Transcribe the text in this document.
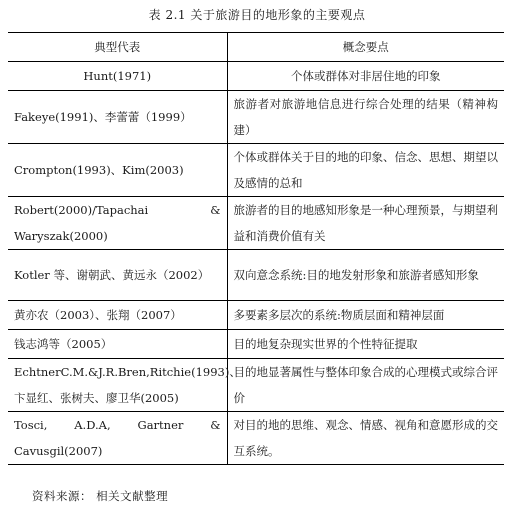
表 2.1 关于旅游目的地形象的主要观点
典型代表	概念要点
Hunt(1971)	个体或群体对非居住地的印象
Fakeye(1991)、李蕾蕾（1999）	旅游者对旅游地信息进行综合处理的结果（精神构建）
Crompton(1993)、Kim(2003)	个体或群体关于目的地的印象、信念、思想、期望以及感情的总和
Robert(2000)/Tapachai & Waryszak(2000)	旅游者的目的地感知形象是一种心理预景，与期望利益和消费价值有关
Kotler 等、谢朝武、黄远永（2002）	双向意念系统:目的地发射形象和旅游者感知形象
黄亦农（2003）、张翔（2007）	多要素多层次的系统:物质层面和精神层面
钱志鸿等（2005）	目的地复杂现实世界的个性特征提取
EchtnerC.M.&J.R.Bren,Ritchie(1993)、卞显红、张树夫、廖卫华(2005)	目的地显著属性与整体印象合成的心理模式或综合评价
Tosci, A.D.A, Gartner & Cavusgil(2007)	对目的地的思维、观念、情感、视角和意愿形成的交互系统。
资料来源： 相关文献整理
